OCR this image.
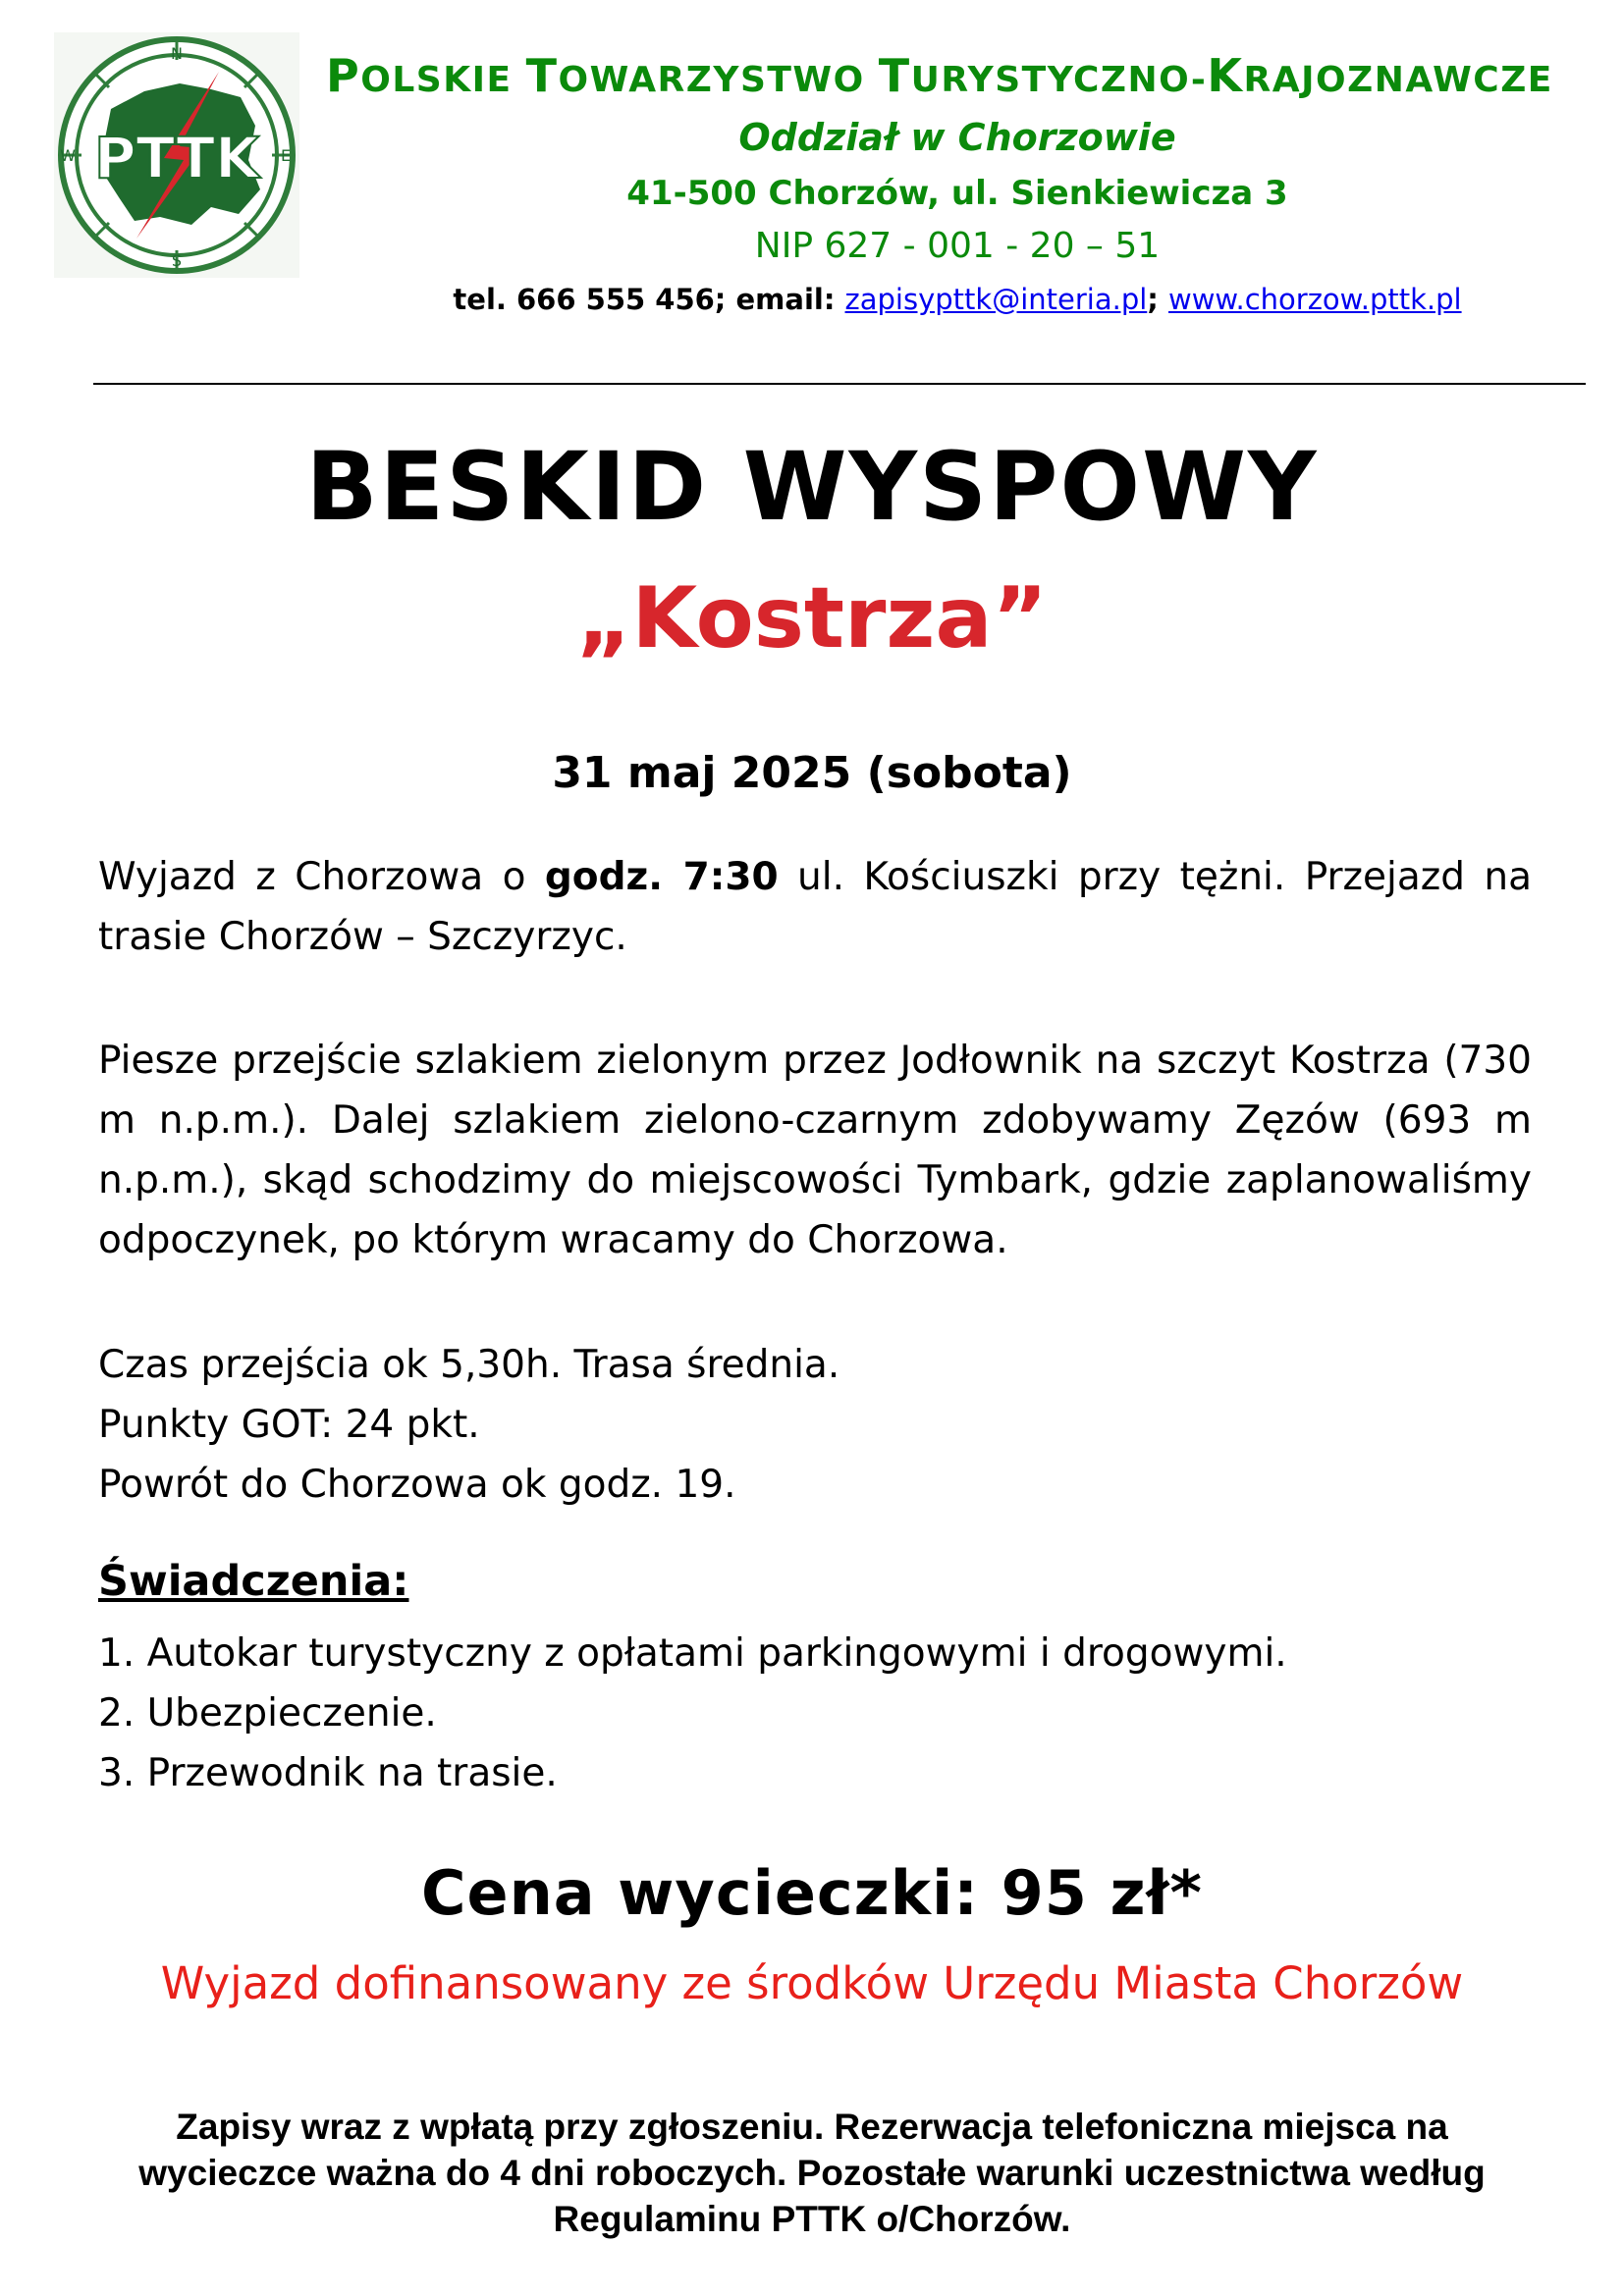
PTTK
N
S
W	E
POLSKIE TOWARZYSTWO TURYSTYCZNO-KRAJOZNAWCZE

Oddział w Chorzowie

41-500 Chorzów, ul. Sienkiewicza 3

NIP 627 - 001 - 20 – 51

tel. 666 555 456; email: zapisypttk@interia.pl; www.chorzow.pttk.pl

BESKID WYSPOWY
„Kostrza”

31 maj 2025 (sobota)

Wyjazd z Chorzowa o godz. 7:30 ul. Kościuszki przy tężni. Przejazd na trasie Chorzów – Szczyrzyc.

Piesze przejście szlakiem zielonym przez Jodłownik na szczyt Kostrza (730 m n.p.m.). Dalej szlakiem zielono-czarnym zdobywamy Zęzów (693 m n.p.m.), skąd schodzimy do miejscowości Tymbark, gdzie zaplanowaliśmy odpoczynek, po którym wracamy do Chorzowa.

Czas przejścia ok 5,30h. Trasa średnia.
Punkty GOT: 24 pkt.
Powrót do Chorzowa ok godz. 19.

Świadczenia:
1. Autokar turystyczny z opłatami parkingowymi i drogowymi.
2. Ubezpieczenie.
3. Przewodnik na trasie.

Cena wycieczki: 95 zł*

Wyjazd dofinansowany ze środków Urzędu Miasta Chorzów

Zapisy wraz z wpłatą przy zgłoszeniu. Rezerwacja telefoniczna miejsca na wycieczce ważna do 4 dni roboczych. Pozostałe warunki uczestnictwa według Regulaminu PTTK o/Chorzów.
